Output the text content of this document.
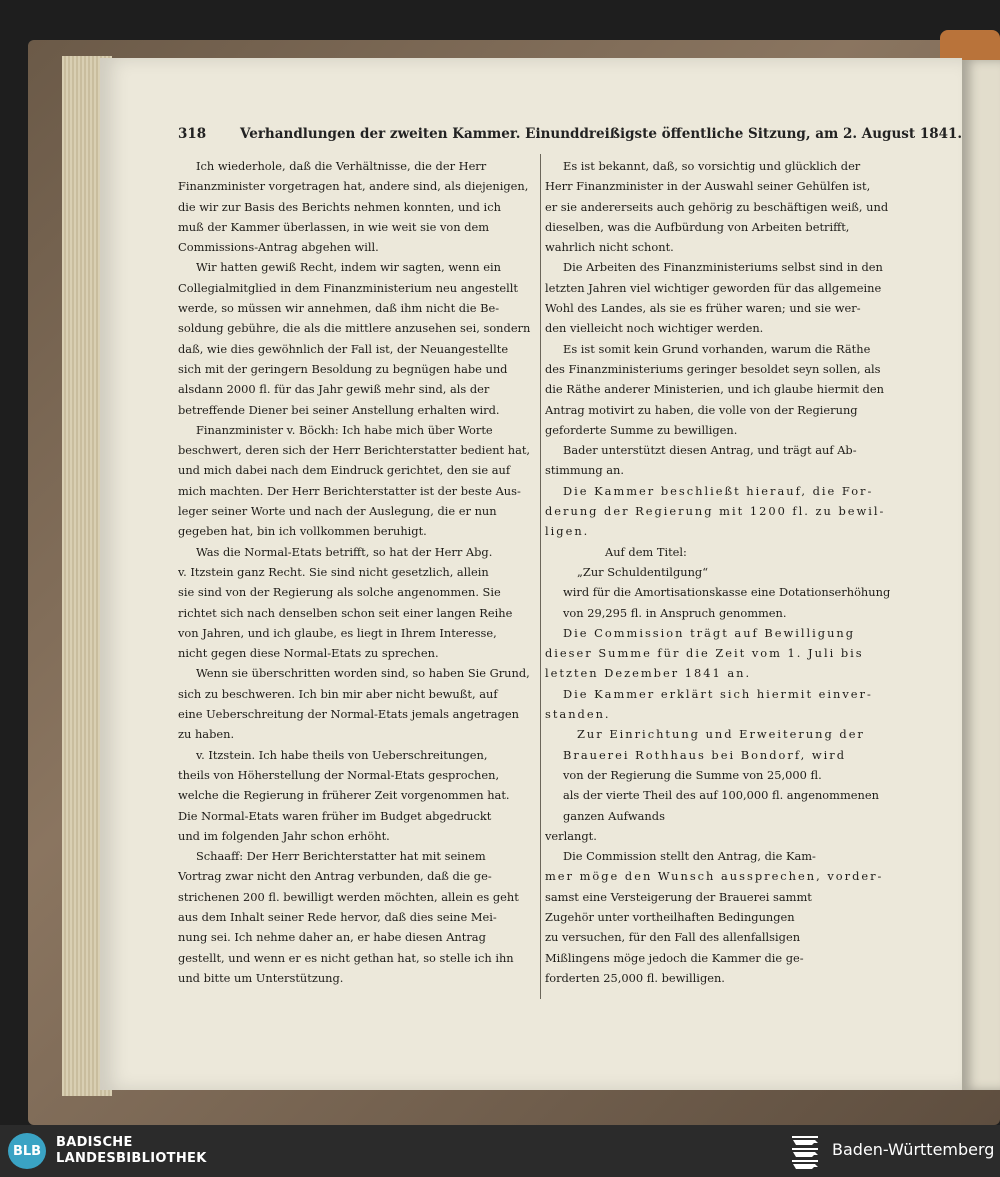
318	Verhandlungen der zweiten Kammer. Einunddreißigste öffentliche Sitzung, am 2. August 1841.
Ich wiederhole, daß die Verhältnisse, die der Herr
Finanzminister vorgetragen hat, andere sind, als diejenigen,
die wir zur Basis des Berichts nehmen konnten, und ich
muß der Kammer überlassen, in wie weit sie von dem
Commissions-Antrag abgehen will.
Wir hatten gewiß Recht, indem wir sagten, wenn ein
Collegialmitglied in dem Finanzministerium neu angestellt
werde, so müssen wir annehmen, daß ihm nicht die Be-
soldung gebühre, die als die mittlere anzusehen sei, sondern
daß, wie dies gewöhnlich der Fall ist, der Neuangestellte
sich mit der geringern Besoldung zu begnügen habe und
alsdann 2000 fl. für das Jahr gewiß mehr sind, als der
betreffende Diener bei seiner Anstellung erhalten wird.
Finanzminister v. Böckh: Ich habe mich über Worte
beschwert, deren sich der Herr Berichterstatter bedient hat,
und mich dabei nach dem Eindruck gerichtet, den sie auf
mich machten. Der Herr Berichterstatter ist der beste Aus-
leger seiner Worte und nach der Auslegung, die er nun
gegeben hat, bin ich vollkommen beruhigt.
Was die Normal-Etats betrifft, so hat der Herr Abg.
v. Itzstein ganz Recht. Sie sind nicht gesetzlich, allein
sie sind von der Regierung als solche angenommen. Sie
richtet sich nach denselben schon seit einer langen Reihe
von Jahren, und ich glaube, es liegt in Ihrem Interesse,
nicht gegen diese Normal-Etats zu sprechen.
Wenn sie überschritten worden sind, so haben Sie Grund,
sich zu beschweren. Ich bin mir aber nicht bewußt, auf
eine Ueberschreitung der Normal-Etats jemals angetragen
zu haben.
v. Itzstein. Ich habe theils von Ueberschreitungen,
theils von Höherstellung der Normal-Etats gesprochen,
welche die Regierung in früherer Zeit vorgenommen hat.
Die Normal-Etats waren früher im Budget abgedruckt
und im folgenden Jahr schon erhöht.
Schaaff: Der Herr Berichterstatter hat mit seinem
Vortrag zwar nicht den Antrag verbunden, daß die ge-
strichenen 200 fl. bewilligt werden möchten, allein es geht
aus dem Inhalt seiner Rede hervor, daß dies seine Mei-
nung sei. Ich nehme daher an, er habe diesen Antrag
gestellt, und wenn er es nicht gethan hat, so stelle ich ihn
und bitte um Unterstützung.
Es ist bekannt, daß, so vorsichtig und glücklich der
Herr Finanzminister in der Auswahl seiner Gehülfen ist,
er sie andererseits auch gehörig zu beschäftigen weiß, und
dieselben, was die Aufbürdung von Arbeiten betrifft,
wahrlich nicht schont.
Die Arbeiten des Finanzministeriums selbst sind in den
letzten Jahren viel wichtiger geworden für das allgemeine
Wohl des Landes, als sie es früher waren; und sie wer-
den vielleicht noch wichtiger werden.
Es ist somit kein Grund vorhanden, warum die Räthe
des Finanzministeriums geringer besoldet seyn sollen, als
die Räthe anderer Ministerien, und ich glaube hiermit den
Antrag motivirt zu haben, die volle von der Regierung
geforderte Summe zu bewilligen.
Bader unterstützt diesen Antrag, und trägt auf Ab-
stimmung an.
Die Kammer beschließt hierauf, die For-
derung der Regierung mit 1200 fl. zu bewil-
ligen.
Auf dem Titel:
„Zur Schuldentilgung“
wird für die Amortisationskasse eine Dotationserhöhung
von 29,295 fl. in Anspruch genommen.
Die Commission trägt auf Bewilligung
dieser Summe für die Zeit vom 1. Juli bis
letzten Dezember 1841 an.
Die Kammer erklärt sich hiermit einver-
standen.
Zur Einrichtung und Erweiterung der
Brauerei Rothhaus bei Bondorf, wird
von der Regierung die Summe von 25,000 fl.
als der vierte Theil des auf 100,000 fl. angenommenen
ganzen Aufwands
verlangt.
Die Commission stellt den Antrag, die Kam-
mer möge den Wunsch aussprechen, vorder-
samst eine Versteigerung der Brauerei sammt
Zugehör unter vortheilhaften Bedingungen
zu versuchen, für den Fall des allenfallsigen
Mißlingens möge jedoch die Kammer die ge-
forderten 25,000 fl. bewilligen.
BLB
BADISCHE
LANDESBIBLIOTHEK	Baden-Württemberg
